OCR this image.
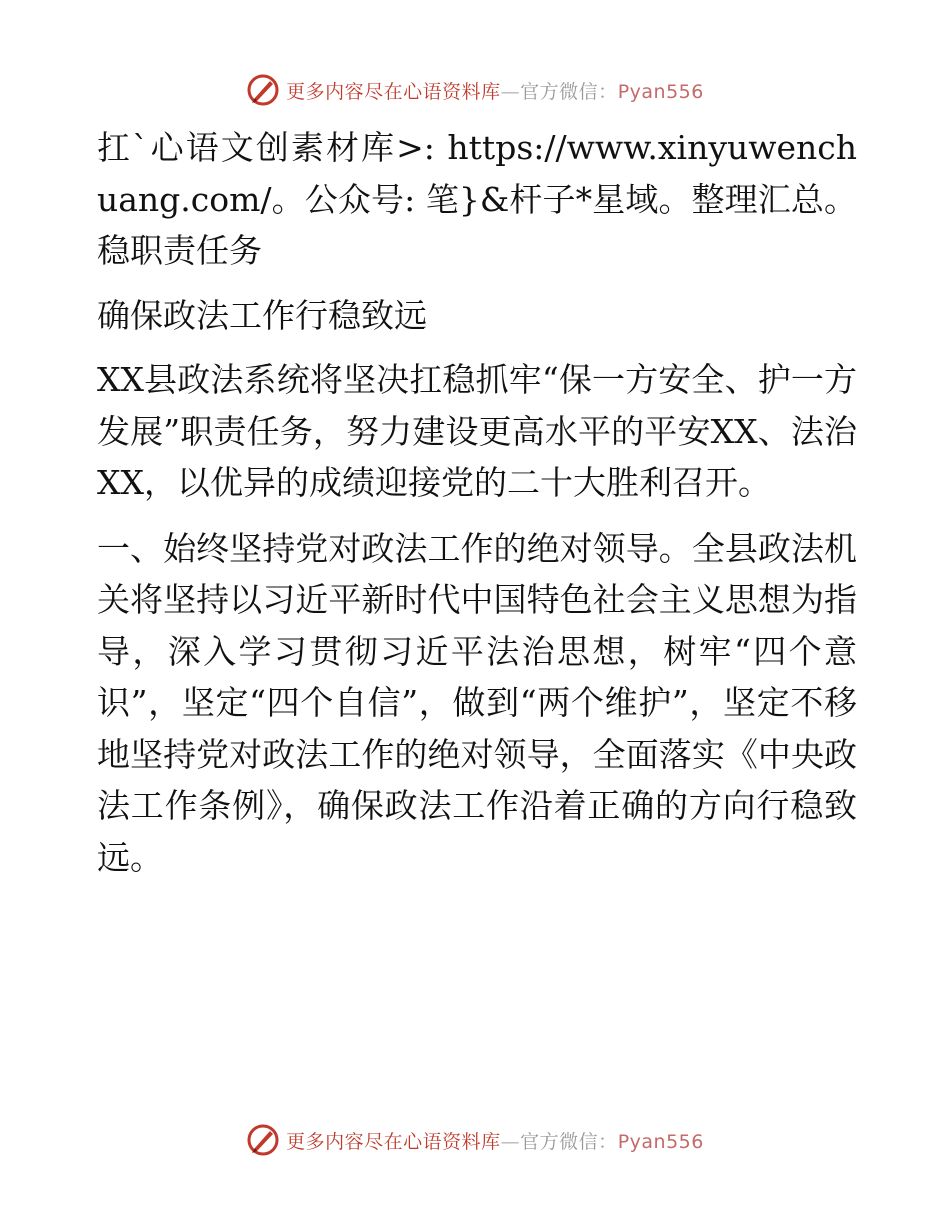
更多内容尽在心语资料库—官方微信：Pyan556

扛`心语文创素材库>: https://www.xinyuwenchuang.com/。公众号: 笔}&杆子*星域。整理汇总。稳职责任务

确保政法工作行稳致远

XX县政法系统将坚决扛稳抓牢“保一方安全、护一方发展”职责任务，努力建设更高水平的平安XX、法治XX，以优异的成绩迎接党的二十大胜利召开。

一、始终坚持党对政法工作的绝对领导。全县政法机关将坚持以习近平新时代中国特色社会主义思想为指导，深入学习贯彻习近平法治思想，树牢“四个意识”，坚定“四个自信”，做到“两个维护”，坚定不移地坚持党对政法工作的绝对领导，全面落实《中央政法工作条例》，确保政法工作沿着正确的方向行稳致远。

更多内容尽在心语资料库—官方微信：Pyan556
